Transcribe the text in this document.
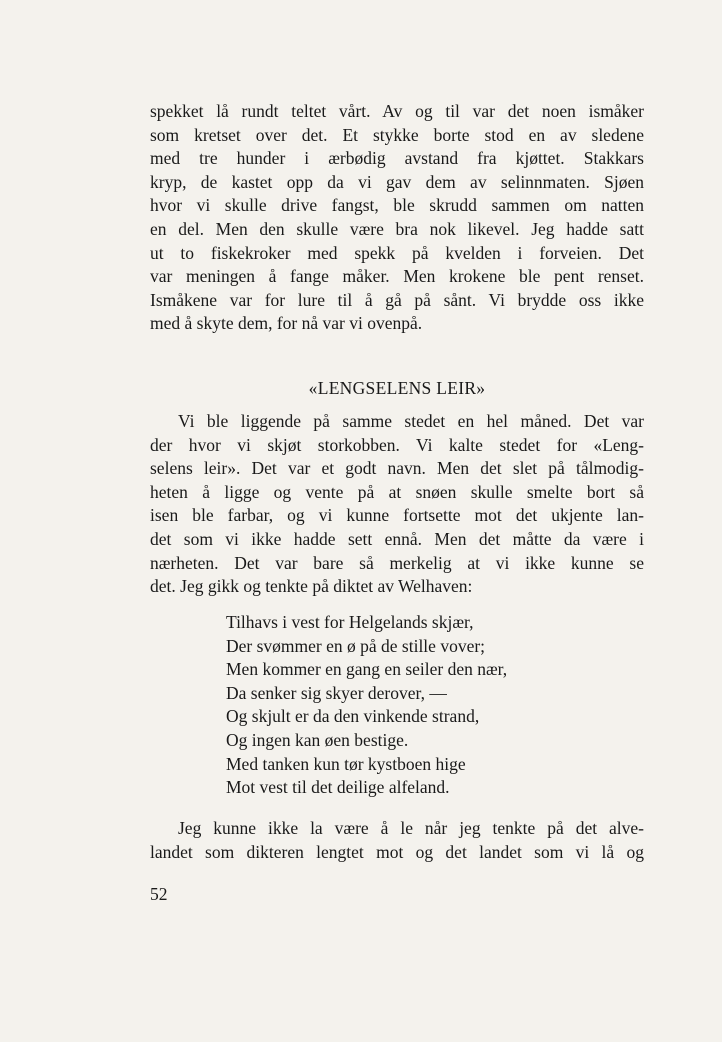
spekket lå rundt teltet vårt. Av og til var det noen ismåker
som kretset over det. Et stykke borte stod en av sledene
med tre hunder i ærbødig avstand fra kjøttet. Stakkars
kryp, de kastet opp da vi gav dem av selinnmaten. Sjøen
hvor vi skulle drive fangst, ble skrudd sammen om natten
en del. Men den skulle være bra nok likevel. Jeg hadde satt
ut to fiskekroker med spekk på kvelden i forveien. Det
var meningen å fange måker. Men krokene ble pent renset.
Ismåkene var for lure til å gå på sånt. Vi brydde oss ikke
med å skyte dem, for nå var vi ovenpå.
«LENGSELENS LEIR»
Vi ble liggende på samme stedet en hel måned. Det var
der hvor vi skjøt storkobben. Vi kalte stedet for «Leng-
selens leir». Det var et godt navn. Men det slet på tålmodig-
heten å ligge og vente på at snøen skulle smelte bort så
isen ble farbar, og vi kunne fortsette mot det ukjente lan-
det som vi ikke hadde sett ennå. Men det måtte da være i
nærheten. Det var bare så merkelig at vi ikke kunne se
det. Jeg gikk og tenkte på diktet av Welhaven:
Tilhavs i vest for Helgelands skjær,
Der svømmer en ø på de stille vover;
Men kommer en gang en seiler den nær,
Da senker sig skyer derover, —
Og skjult er da den vinkende strand,
Og ingen kan øen bestige.
Med tanken kun tør kystboen hige
Mot vest til det deilige alfeland.
Jeg kunne ikke la være å le når jeg tenkte på det alve-
landet som dikteren lengtet mot og det landet som vi lå og
52
